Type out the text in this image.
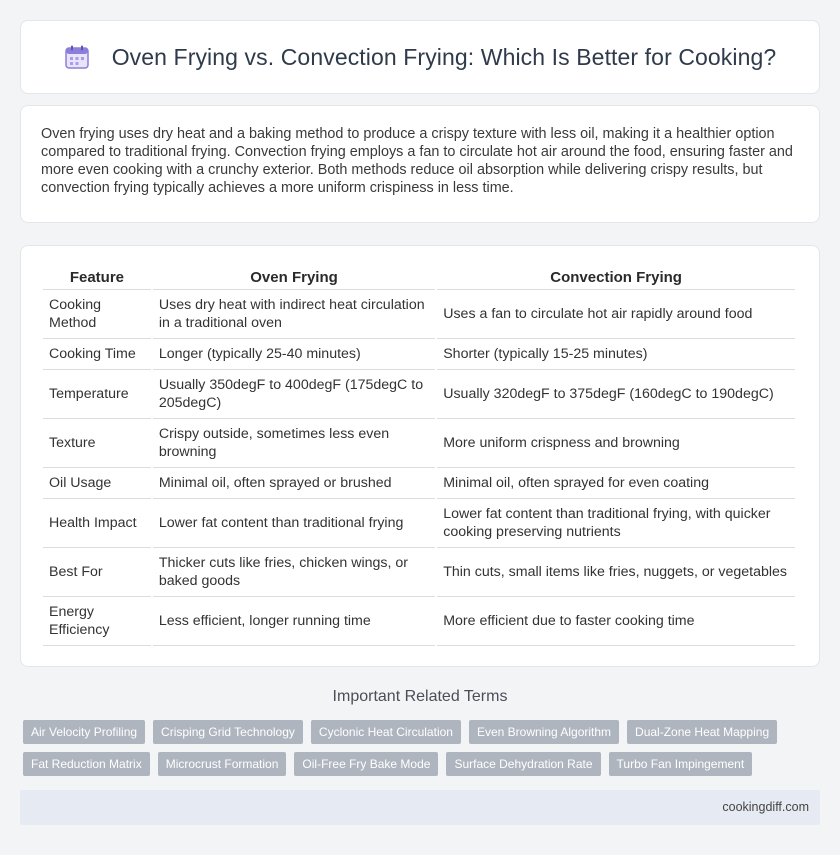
Oven Frying vs. Convection Frying: Which Is Better for Cooking?

Oven frying uses dry heat and a baking method to produce a crispy texture with less oil, making it a healthier option compared to traditional frying. Convection frying employs a fan to circulate hot air around the food, ensuring faster and more even cooking with a crunchy exterior. Both methods reduce oil absorption while delivering crispy results, but convection frying typically achieves a more uniform crispiness in less time.

Feature	Oven Frying	Convection Frying
Cooking Method	Uses dry heat with indirect heat circulation in a traditional oven	Uses a fan to circulate hot air rapidly around food
Cooking Time	Longer (typically 25-40 minutes)	Shorter (typically 15-25 minutes)
Temperature	Usually 350degF to 400degF (175degC to 205degC)	Usually 320degF to 375degF (160degC to 190degC)
Texture	Crispy outside, sometimes less even browning	More uniform crispness and browning
Oil Usage	Minimal oil, often sprayed or brushed	Minimal oil, often sprayed for even coating
Health Impact	Lower fat content than traditional frying	Lower fat content than traditional frying, with quicker cooking preserving nutrients
Best For	Thicker cuts like fries, chicken wings, or baked goods	Thin cuts, small items like fries, nuggets, or vegetables
Energy Efficiency	Less efficient, longer running time	More efficient due to faster cooking time
Important Related Terms
Air Velocity Profiling	Crisping Grid Technology	Cyclonic Heat Circulation	Even Browning Algorithm	Dual-Zone Heat Mapping
Fat Reduction Matrix	Microcrust Formation	Oil-Free Fry Bake Mode	Surface Dehydration Rate	Turbo Fan Impingement
cookingdiff.com
